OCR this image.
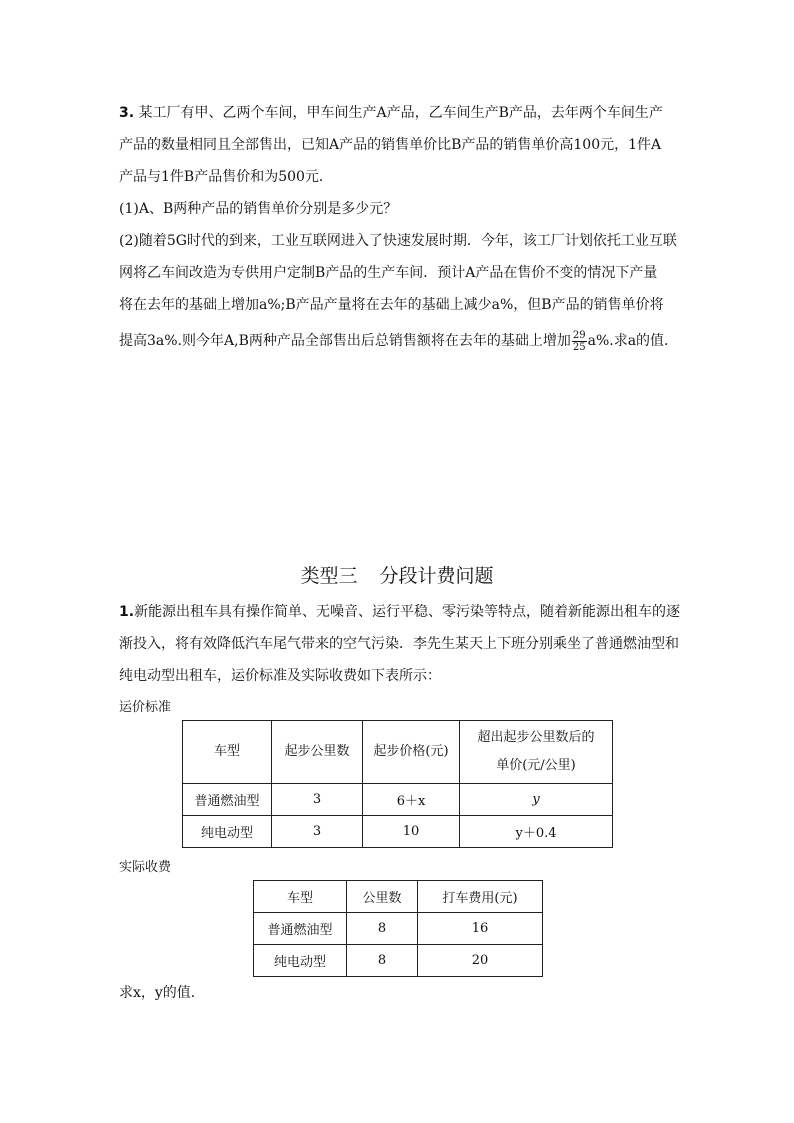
3. 某工厂有甲、乙两个车间，甲车间生产A产品，乙车间生产B产品，去年两个车间生产
产品的数量相同且全部售出，已知A产品的销售单价比B产品的销售单价高100元，1件A
产品与1件B产品售价和为500元．
(1)A、B两种产品的销售单价分别是多少元？
(2)随着5G时代的到来，工业互联网进入了快速发展时期．今年，该工厂计划依托工业互联
网将乙车间改造为专供用户定制B产品的生产车间．预计A产品在售价不变的情况下产量
将在去年的基础上增加a%;B产品产量将在去年的基础上减少a%，但B产品的销售单价将
提高3a%.则今年A,B两种产品全部售出后总销售额将在去年的基础上增加 $\frac{29}{25} a\%$.求a的值．
类型三 分段计费问题
1.新能源出租车具有操作简单、无噪音、运行平稳、零污染等特点，随着新能源出租车的逐
渐投入，将有效降低汽车尾气带来的空气污染．李先生某天上下班分别乘坐了普通燃油型和
纯电动型出租车，运价标准及实际收费如下表所示：
运价标准
车型	起步公里数	起步价格(元)	超出起步公里数后的
单价(元/公里)

普通燃油型	3	6＋x	y
纯电动型	3	10	y＋0.4
实际收费
车型	公里数	打车费用(元)
普通燃油型	8	16
纯电动型	8	20
求x，y的值．
